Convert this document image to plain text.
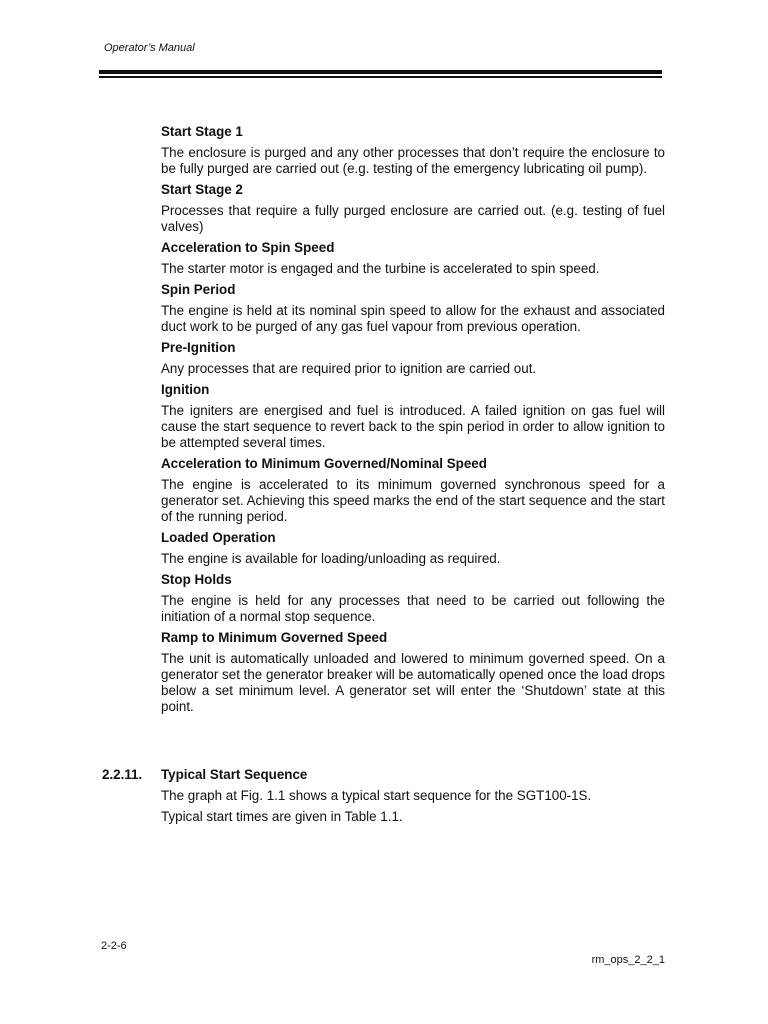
Operator’s Manual
Start Stage 1
The enclosure is purged and any other processes that don’t require the enclosure to be fully purged are carried out (e.g. testing of the emergency lubricating oil pump).
Start Stage 2
Processes that require a fully purged enclosure are carried out. (e.g. testing of fuel valves)
Acceleration to Spin Speed
The starter motor is engaged and the turbine is accelerated to spin speed.
Spin Period
The engine is held at its nominal spin speed to allow for the exhaust and associated duct work to be purged of any gas fuel vapour from previous operation.
Pre-Ignition
Any processes that are required prior to ignition are carried out.
Ignition
The igniters are energised and fuel is introduced. A failed ignition on gas fuel will cause the start sequence to revert back to the spin period in order to allow ignition to be attempted several times.
Acceleration to Minimum Governed/Nominal Speed
The engine is accelerated to its minimum governed synchronous speed for a generator set. Achieving this speed marks the end of the start sequence and the start of the running period.
Loaded Operation
The engine is available for loading/unloading as required.
Stop Holds
The engine is held for any processes that need to be carried out following the initiation of a normal stop sequence.
Ramp to Minimum Governed Speed
The unit is automatically unloaded and lowered to minimum governed speed. On a generator set the generator breaker will be automatically opened once the load drops below a set minimum level. A generator set will enter the ‘Shutdown’ state at this point.
2.2.11. Typical Start Sequence
The graph at Fig. 1.1 shows a typical start sequence for the SGT100-1S.
Typical start times are given in Table 1.1.
2-2-6
rm_ops_2_2_1
